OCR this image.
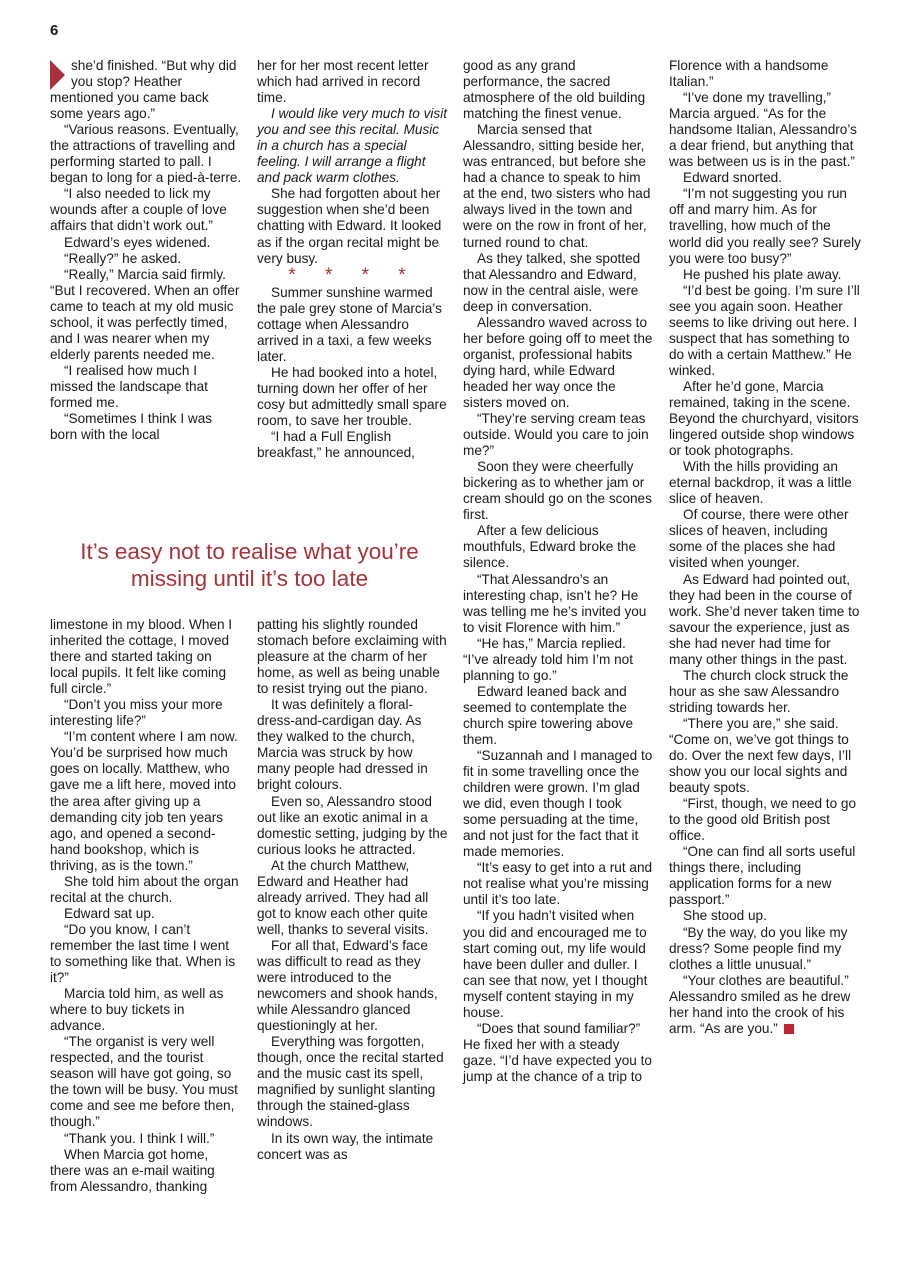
6

she’d finished. “But why did you stop? Heather mentioned you came back some years ago.”

“Various reasons. Eventually, the attractions of travelling and performing started to pall. I began to long for a pied-à-terre.

“I also needed to lick my wounds after a couple of love affairs that didn’t work out.”

Edward’s eyes widened.

“Really?” he asked.

“Really,” Marcia said firmly. “But I recovered. When an offer came to teach at my old music school, it was perfectly timed, and I was nearer when my elderly parents needed me.

“I realised how much I missed the landscape that formed me.

“Sometimes I think I was born with the local

her for her most recent letter which had arrived in record time.

I would like very much to visit you and see this recital. Music in a church has a special feeling. I will arrange a flight and pack warm clothes.

She had forgotten about her suggestion when she’d been chatting with Edward. It looked as if the organ recital might be very busy.

* * * *

Summer sunshine warmed the pale grey stone of Marcia’s cottage when Alessandro arrived in a taxi, a few weeks later.

He had booked into a hotel, turning down her offer of her cosy but admittedly small spare room, to save her trouble.

“I had a Full English breakfast,” he announced,

It’s easy not to realise what you’re missing until it’s too late

limestone in my blood. When I inherited the cottage, I moved there and started taking on local pupils. It felt like coming full circle.”

“Don’t you miss your more interesting life?”

“I’m content where I am now. You’d be surprised how much goes on locally. Matthew, who gave me a lift here, moved into the area after giving up a demanding city job ten years ago, and opened a second-hand bookshop, which is thriving, as is the town.”

She told him about the organ recital at the church.

Edward sat up.

“Do you know, I can’t remember the last time I went to something like that. When is it?”

Marcia told him, as well as where to buy tickets in advance.

“The organist is very well respected, and the tourist season will have got going, so the town will be busy. You must come and see me before then, though.”

“Thank you. I think I will.”

When Marcia got home, there was an e-mail waiting from Alessandro, thanking

patting his slightly rounded stomach before exclaiming with pleasure at the charm of her home, as well as being unable to resist trying out the piano.

It was definitely a floral-dress-and-cardigan day. As they walked to the church, Marcia was struck by how many people had dressed in bright colours.

Even so, Alessandro stood out like an exotic animal in a domestic setting, judging by the curious looks he attracted.

At the church Matthew, Edward and Heather had already arrived. They had all got to know each other quite well, thanks to several visits.

For all that, Edward’s face was difficult to read as they were introduced to the newcomers and shook hands, while Alessandro glanced questioningly at her.

Everything was forgotten, though, once the recital started and the music cast its spell, magnified by sunlight slanting through the stained-glass windows.

In its own way, the intimate concert was as

good as any grand performance, the sacred atmosphere of the old building matching the finest venue.

Marcia sensed that Alessandro, sitting beside her, was entranced, but before she had a chance to speak to him at the end, two sisters who had always lived in the town and were on the row in front of her, turned round to chat.

As they talked, she spotted that Alessandro and Edward, now in the central aisle, were deep in conversation.

Alessandro waved across to her before going off to meet the organist, professional habits dying hard, while Edward headed her way once the sisters moved on.

“They’re serving cream teas outside. Would you care to join me?”

Soon they were cheerfully bickering as to whether jam or cream should go on the scones first.

After a few delicious mouthfuls, Edward broke the silence.

“That Alessandro’s an interesting chap, isn’t he? He was telling me he’s invited you to visit Florence with him.”

“He has,” Marcia replied. “I’ve already told him I’m not planning to go.”

Edward leaned back and seemed to contemplate the church spire towering above them.

“Suzannah and I managed to fit in some travelling once the children were grown. I’m glad we did, even though I took some persuading at the time, and not just for the fact that it made memories.

“It’s easy to get into a rut and not realise what you’re missing until it’s too late.

“If you hadn’t visited when you did and encouraged me to start coming out, my life would have been duller and duller. I can see that now, yet I thought myself content staying in my house.

“Does that sound familiar?” He fixed her with a steady gaze. “I’d have expected you to jump at the chance of a trip to

Florence with a handsome Italian.”

“I’ve done my travelling,” Marcia argued. “As for the handsome Italian, Alessandro’s a dear friend, but anything that was between us is in the past.”

Edward snorted.

“I’m not suggesting you run off and marry him. As for travelling, how much of the world did you really see? Surely you were too busy?”

He pushed his plate away.

“I’d best be going. I’m sure I’ll see you again soon. Heather seems to like driving out here. I suspect that has something to do with a certain Matthew.” He winked.

After he’d gone, Marcia remained, taking in the scene. Beyond the churchyard, visitors lingered outside shop windows or took photographs.

With the hills providing an eternal backdrop, it was a little slice of heaven.

Of course, there were other slices of heaven, including some of the places she had visited when younger.

As Edward had pointed out, they had been in the course of work. She’d never taken time to savour the experience, just as she had never had time for many other things in the past.

The church clock struck the hour as she saw Alessandro striding towards her.

“There you are,” she said. “Come on, we’ve got things to do. Over the next few days, I’ll show you our local sights and beauty spots.

“First, though, we need to go to the good old British post office.

“One can find all sorts useful things there, including application forms for a new passport.”

She stood up.

“By the way, do you like my dress? Some people find my clothes a little unusual.”

“Your clothes are beautiful.” Alessandro smiled as he drew her hand into the crook of his arm. “As are you.”
